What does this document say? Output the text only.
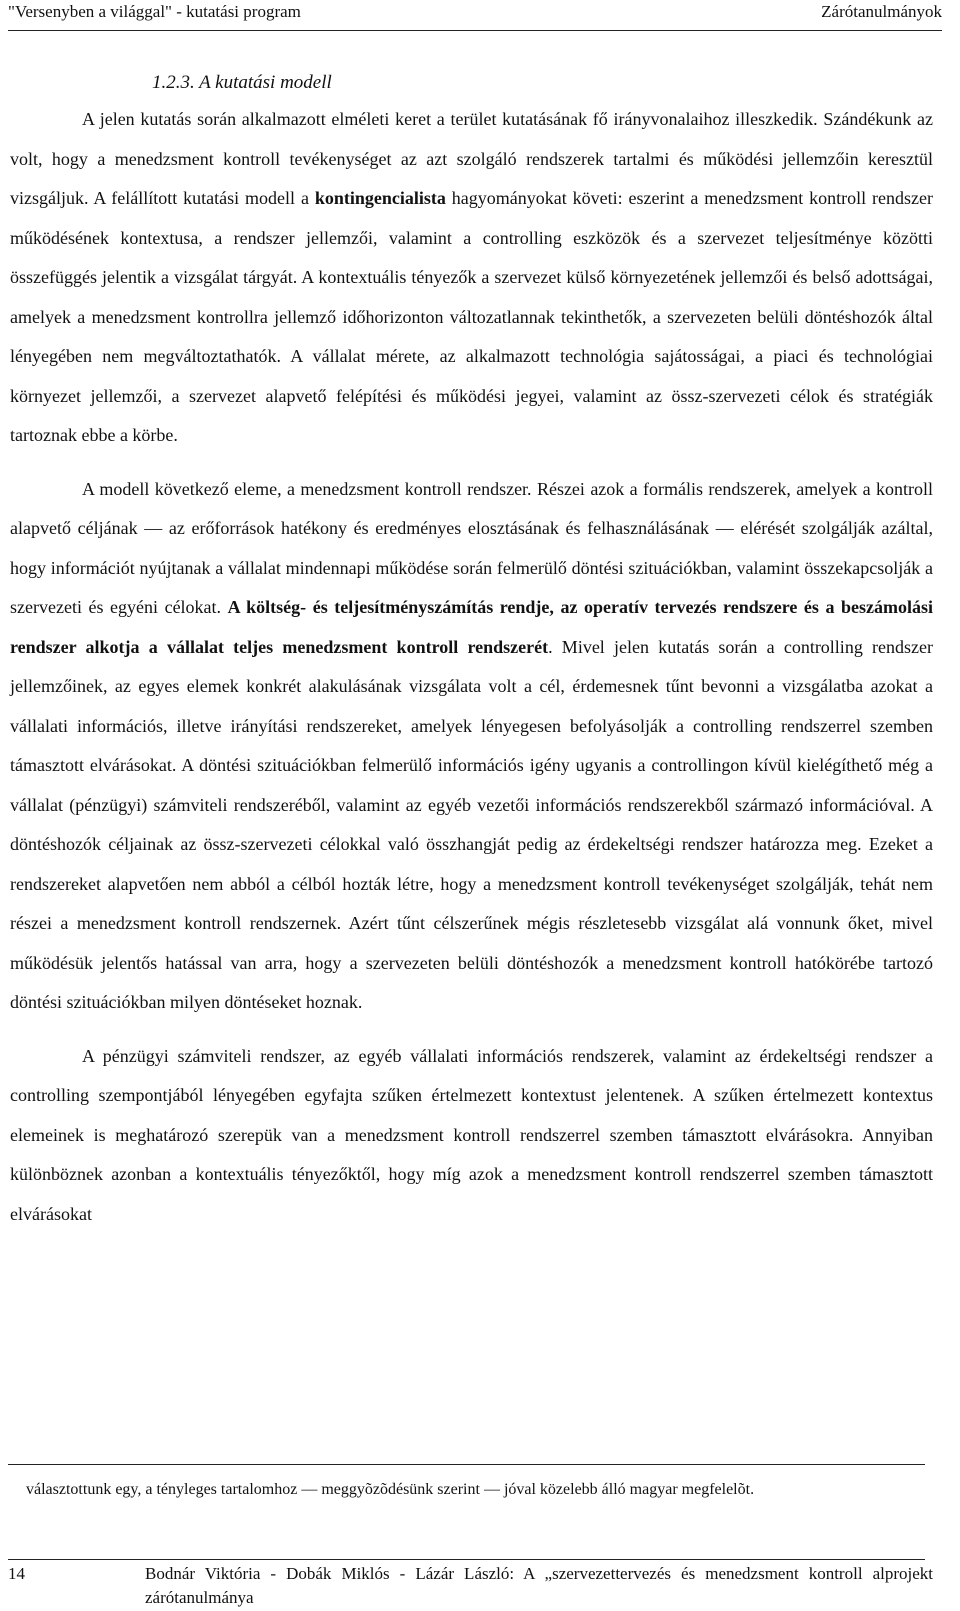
"Versenyben a világgal" - kutatási program	Zárótanulmányok
1.2.3. A kutatási modell

A jelen kutatás során alkalmazott elméleti keret a terület kutatásának fő irányvonalaihoz illeszkedik. Szándékunk az volt, hogy a menedzsment kontroll tevékenységet az azt szolgáló rendszerek tartalmi és működési jellemzőin keresztül vizsgáljuk. A felállított kutatási modell a kontingencialista hagyományokat követi: eszerint a menedzsment kontroll rendszer működésének kontextusa, a rendszer jellemzői, valamint a controlling eszközök és a szervezet teljesítménye közötti összefüggés jelentik a vizsgálat tárgyát. A kontextuális tényezők a szervezet külső környezetének jellemzői és belső adottságai, amelyek a menedzsment kontrollra jellemző időhorizonton változatlannak tekinthetők, a szervezeten belüli döntéshozók által lényegében nem megváltoztathatók. A vállalat mérete, az alkalmazott technológia sajátosságai, a piaci és technológiai környezet jellemzői, a szervezet alapvető felépítési és működési jegyei, valamint az össz-szervezeti célok és stratégiák tartoznak ebbe a körbe.

A modell következő eleme, a menedzsment kontroll rendszer. Részei azok a formális rendszerek, amelyek a kontroll alapvető céljának — az erőforrások hatékony és eredményes elosztásának és felhasználásának — elérését szolgálják azáltal, hogy információt nyújtanak a vállalat mindennapi működése során felmerülő döntési szituációkban, valamint összekapcsolják a szervezeti és egyéni célokat. A költség- és teljesítményszámítás rendje, az operatív tervezés rendszere és a beszámolási rendszer alkotja a vállalat teljes menedzsment kontroll rendszerét. Mivel jelen kutatás során a controlling rendszer jellemzőinek, az egyes elemek konkrét alakulásának vizsgálata volt a cél, érdemesnek tűnt bevonni a vizsgálatba azokat a vállalati információs, illetve irányítási rendszereket, amelyek lényegesen befolyásolják a controlling rendszerrel szemben támasztott elvárásokat. A döntési szituációkban felmerülő információs igény ugyanis a controllingon kívül kielégíthető még a vállalat (pénzügyi) számviteli rendszeréből, valamint az egyéb vezetői információs rendszerekből származó információval. A döntéshozók céljainak az össz-szervezeti célokkal való összhangját pedig az érdekeltségi rendszer határozza meg. Ezeket a rendszereket alapvetően nem abból a célból hozták létre, hogy a menedzsment kontroll tevékenységet szolgálják, tehát nem részei a menedzsment kontroll rendszernek. Azért tűnt célszerűnek mégis részletesebb vizsgálat alá vonnunk őket, mivel működésük jelentős hatással van arra, hogy a szervezeten belüli döntéshozók a menedzsment kontroll hatókörébe tartozó döntési szituációkban milyen döntéseket hoznak.

A pénzügyi számviteli rendszer, az egyéb vállalati információs rendszerek, valamint az érdekeltségi rendszer a controlling szempontjából lényegében egyfajta szűken értelmezett kontextust jelentenek. A szűken értelmezett kontextus elemeinek is meghatározó szerepük van a menedzsment kontroll rendszerrel szemben támasztott elvárásokra. Annyiban különböznek azonban a kontextuális tényezőktől, hogy míg azok a menedzsment kontroll rendszerrel szemben támasztott elvárásokat

választottunk egy, a tényleges tartalomhoz — meggyõzõdésünk szerint — jóval közelebb álló magyar megfelelõt.
14	Bodnár Viktória - Dobák Miklós - Lázár László: A „szervezettervezés és menedzsment kontroll alprojekt zárótanulmánya
